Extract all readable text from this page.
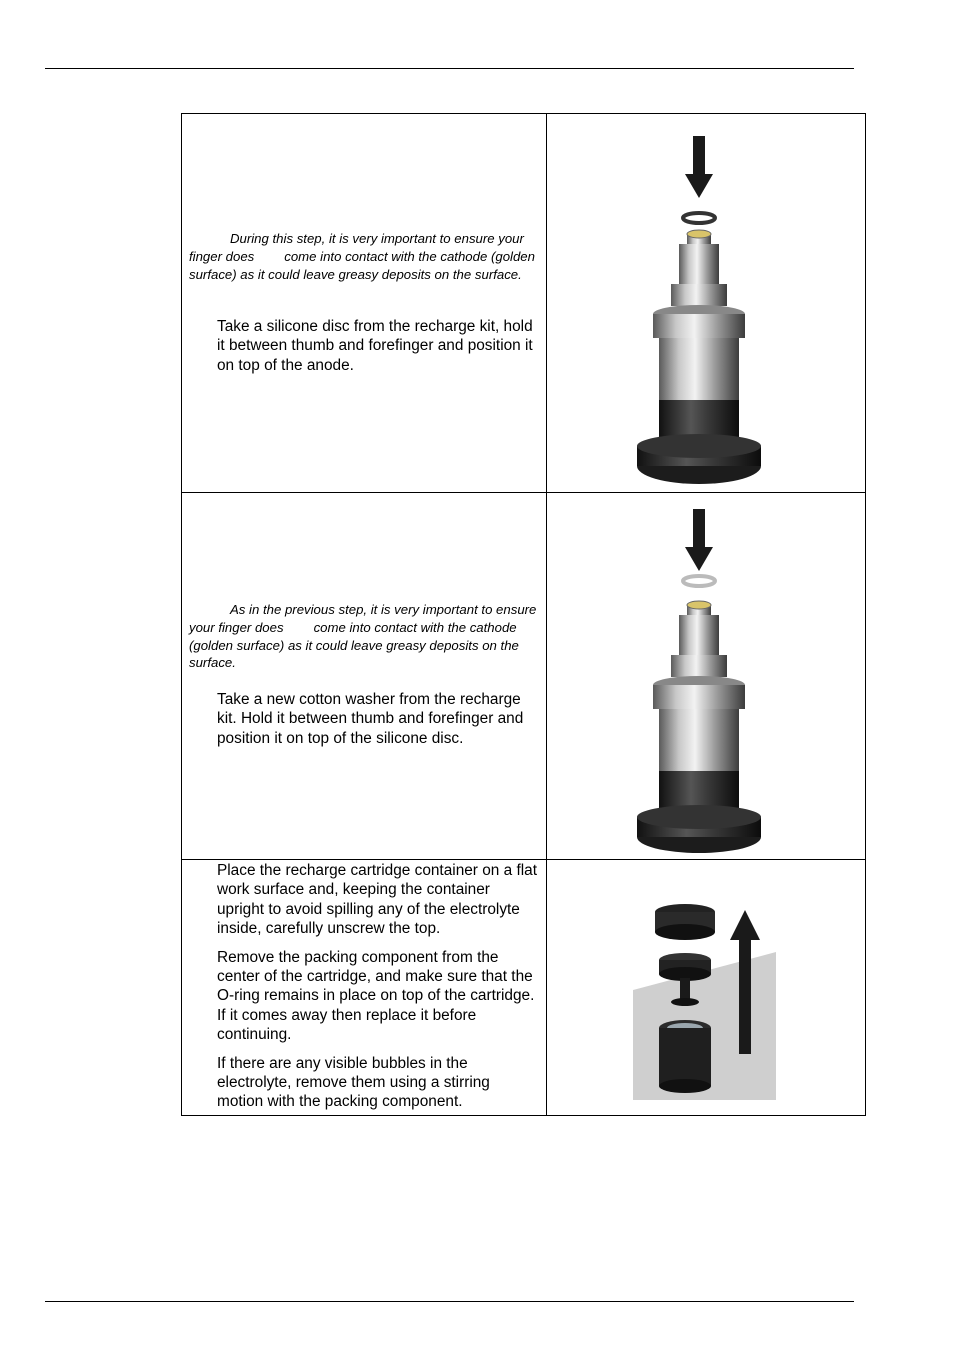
During this step, it is very important to ensure your finger does come into contact with the cathode (golden surface) as it could leave greasy deposits on the surface.
Take a silicone disc from the recharge kit, hold it between thumb and forefinger and position it on top of the anode.

As in the previous step, it is very important to ensure your finger does come into contact with the cathode (golden surface) as it could leave greasy deposits on the surface.
Take a new cotton washer from the recharge kit. Hold it between thumb and forefinger and position it on top of the silicone disc.

Place the recharge cartridge container on a flat work surface and, keeping the container upright to avoid spilling any of the electrolyte inside, carefully unscrew the top.
Remove the packing component from the center of the cartridge, and make sure that the O-ring remains in place on top of the cartridge. If it comes away then replace it before continuing.
If there are any visible bubbles in the electrolyte, remove them using a stirring motion with the packing component.
